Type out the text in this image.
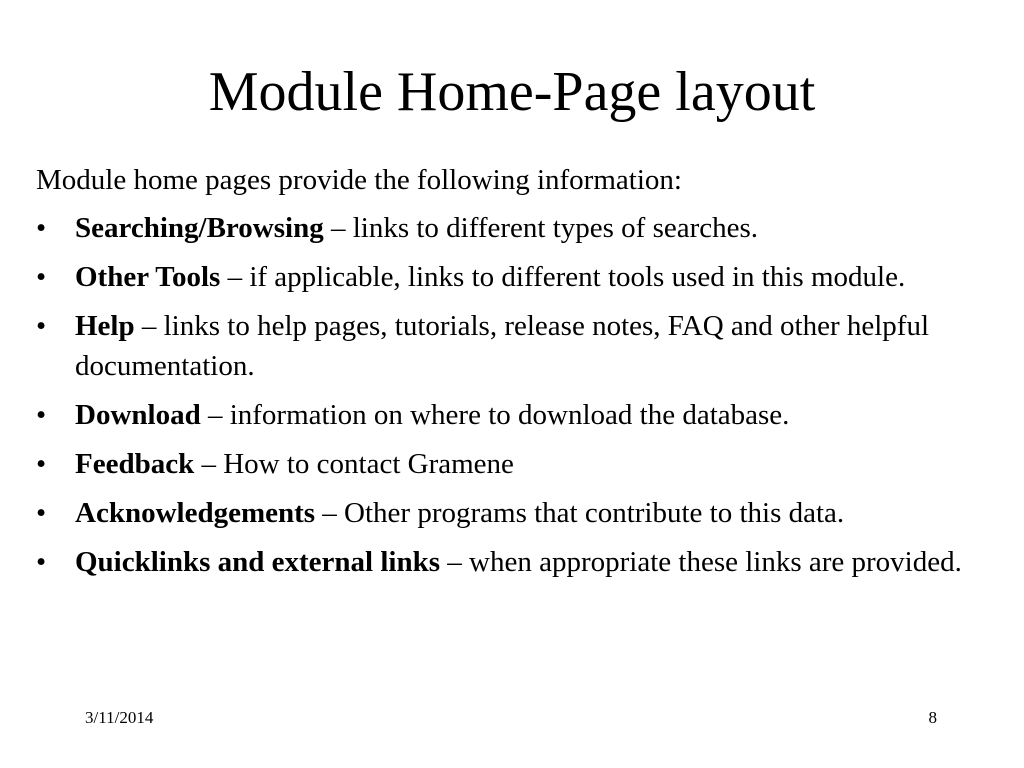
Module Home-Page layout

Module home pages provide the following information:

• Searching/Browsing – links to different types of searches.
• Other Tools – if applicable, links to different tools used in this module.
• Help – links to help pages, tutorials, release notes, FAQ and other helpful documentation.
• Download – information on where to download the database.
• Feedback – How to contact Gramene
• Acknowledgements – Other programs that contribute to this data.
• Quicklinks and external links – when appropriate these links are provided.
3/11/2014	8
